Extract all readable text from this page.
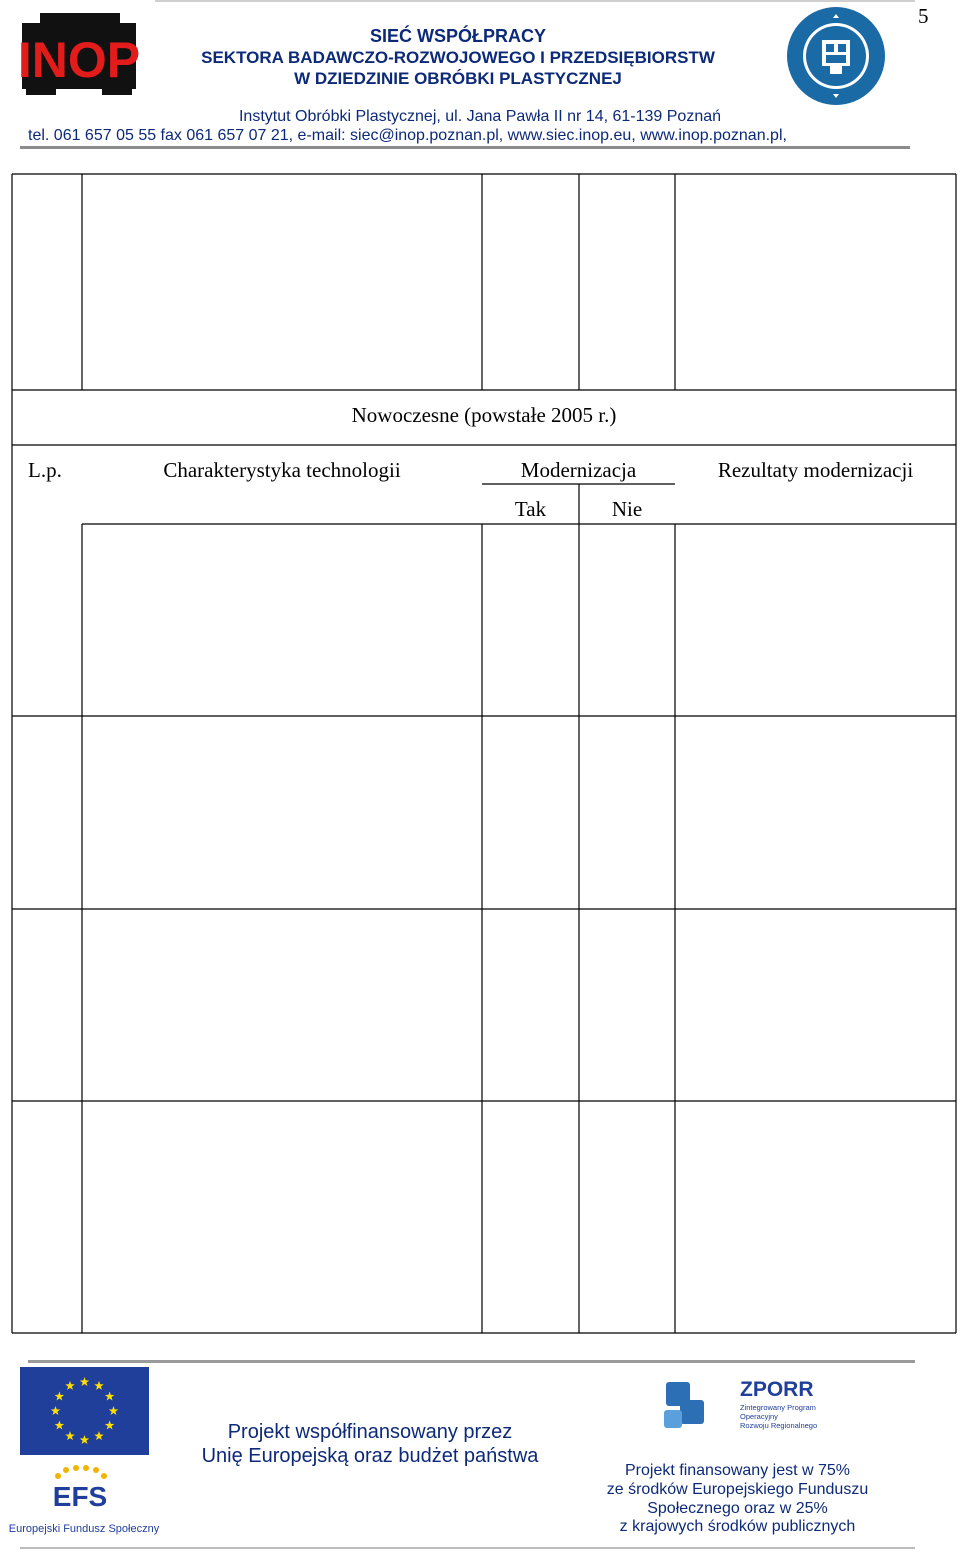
5
INOP	SIEĆ WSPÓŁPRACY
SEKTORA BADAWCZO-ROZWOJOWEGO I PRZEDSIĘBIORSTW
W DZIEDZINIE OBRÓBKI PLASTYCZNEJ
Instytut Obróbki Plastycznej, ul. Jana Pawła II nr 14, 61-139 Poznań
tel. 061 657 05 55 fax 061 657 07 21, e-mail: siec@inop.poznan.pl, www.siec.inop.eu, www.inop.poznan.pl,
Nowoczesne (powstałe 2005 r.)
L.p.	Charakterystyka technologii	Modernizacja	Rezultaty modernizacji
Tak	Nie
EFS
Europejski Fundusz Społeczny
Projekt współfinansowany przez
Unię Europejską oraz budżet państwa
ZPORR
Zintegrowany Program
Operacyjny
Rozwoju Regionalnego
Projekt finansowany jest w 75%
ze środków Europejskiego Funduszu
Społecznego oraz w 25%
z krajowych środków publicznych
